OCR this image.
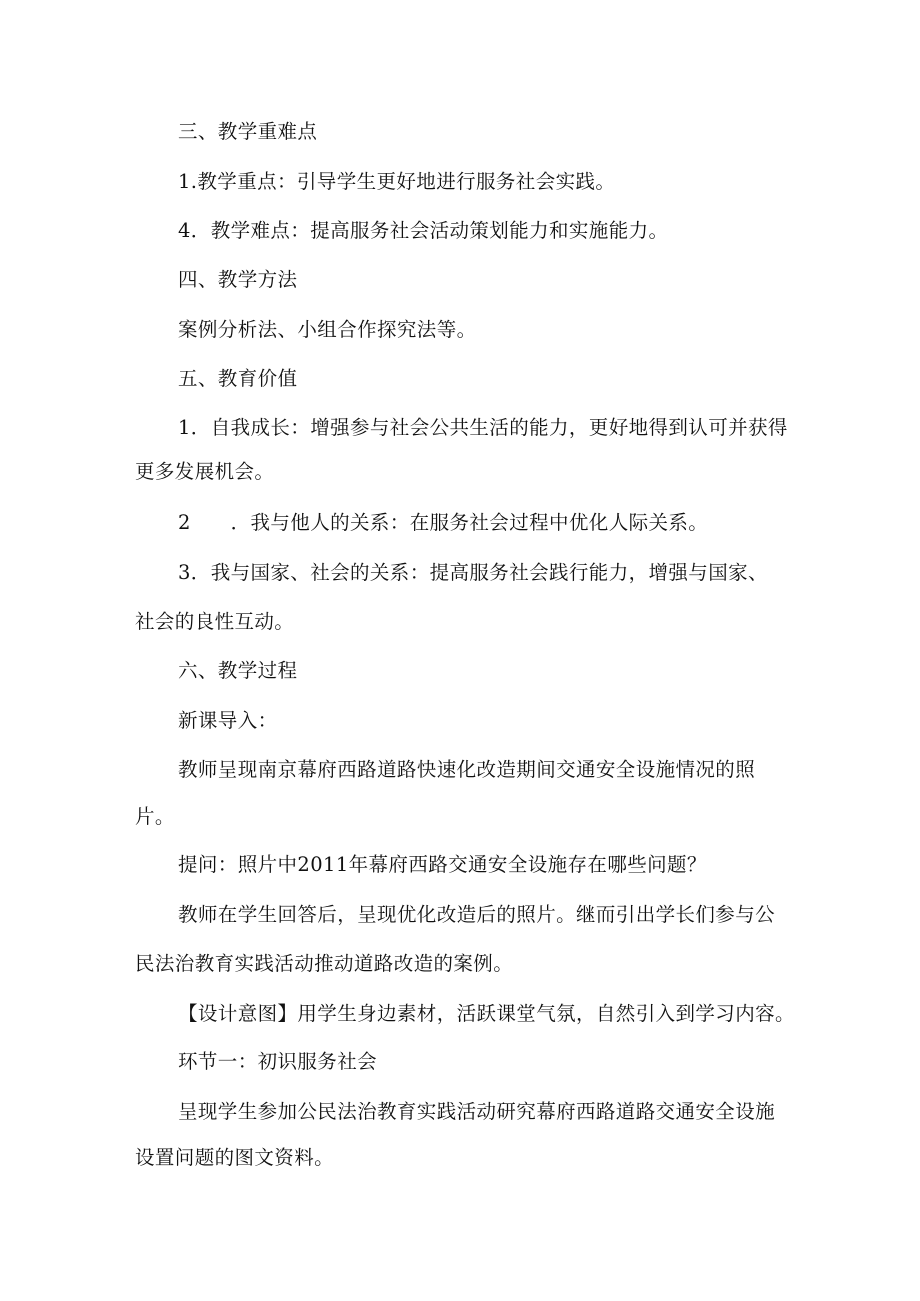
三、教学重难点
1.教学重点：引导学生更好地进行服务社会实践。
4．教学难点：提高服务社会活动策划能力和实施能力。
四、教学方法
案例分析法、小组合作探究法等。
五、教育价值
1．自我成长：增强参与社会公共生活的能力，更好地得到认可并获得
更多发展机会。
2　　．我与他人的关系：在服务社会过程中优化人际关系。
3．我与国家、社会的关系：提高服务社会践行能力，增强与国家、
社会的良性互动。
六、教学过程
新课导入：
教师呈现南京幕府西路道路快速化改造期间交通安全设施情况的照
片。
提问：照片中2011年幕府西路交通安全设施存在哪些问题？
教师在学生回答后，呈现优化改造后的照片。继而引出学长们参与公
民法治教育实践活动推动道路改造的案例。
【设计意图】用学生身边素材，活跃课堂气氛，自然引入到学习内容。
环节一：初识服务社会
呈现学生参加公民法治教育实践活动研究幕府西路道路交通安全设施
设置问题的图文资料。
